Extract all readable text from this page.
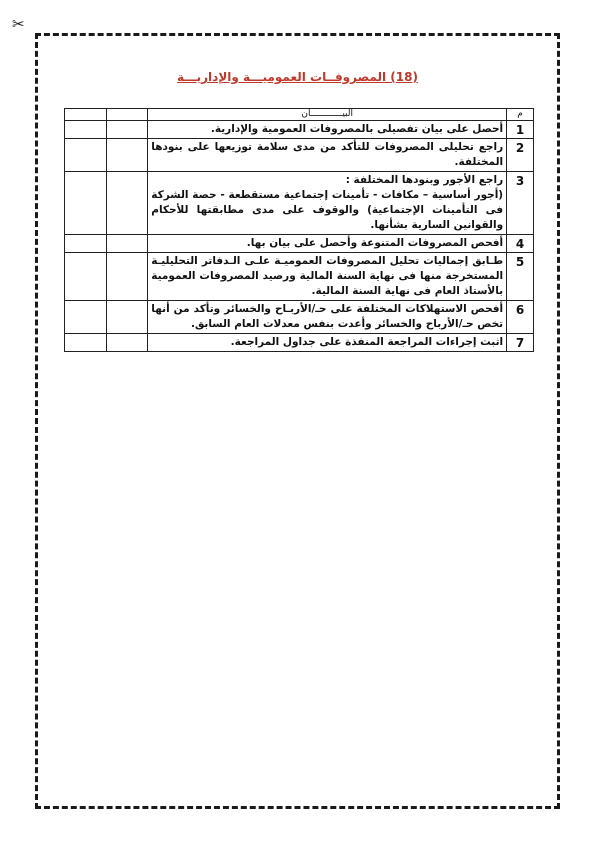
✂
(18) المصروفــات العموميـــة والإداريـــة
م	البيــــــــــــان		
1	أحصل على بيان تفصيلى بالمصروفات العمومية والإدارية.		

2	راجع تحليلى المصروفات للتأكد من مدى سلامة توزيعها على بنودها المختلفة.		

3	راجع الأجور وبنودها المختلفة :
(أجور أساسية – مكافات - تأمينات إجتماعية مستقطعة - حصة الشركة فى التأمينات الإجتماعية) والوقوف على مدى مطابقتها للأحكام والقوانين السارية بشأنها.		

4	أفحص المصروفات المتنوعة وأحصل على بيان بها.		

5	طـابق إجماليات تحليل المصروفات العموميـة علـى الـدفاتر التحليليـة المستخرجة منها فى نهاية السنة المالية ورصيد المصروفات العمومية بالأستاذ العام فى نهاية السنة المالية.		

6	أفحص الاستهلاكات المختلفة على حـ/الأربـاح والخسائر وتأكد من أنها تخص حـ/الأرباح والخسائر وأعدت بنفس معدلات العام السابق.		

7	اثبت إجراءات المراجعة المنفذة على جداول المراجعة.		
